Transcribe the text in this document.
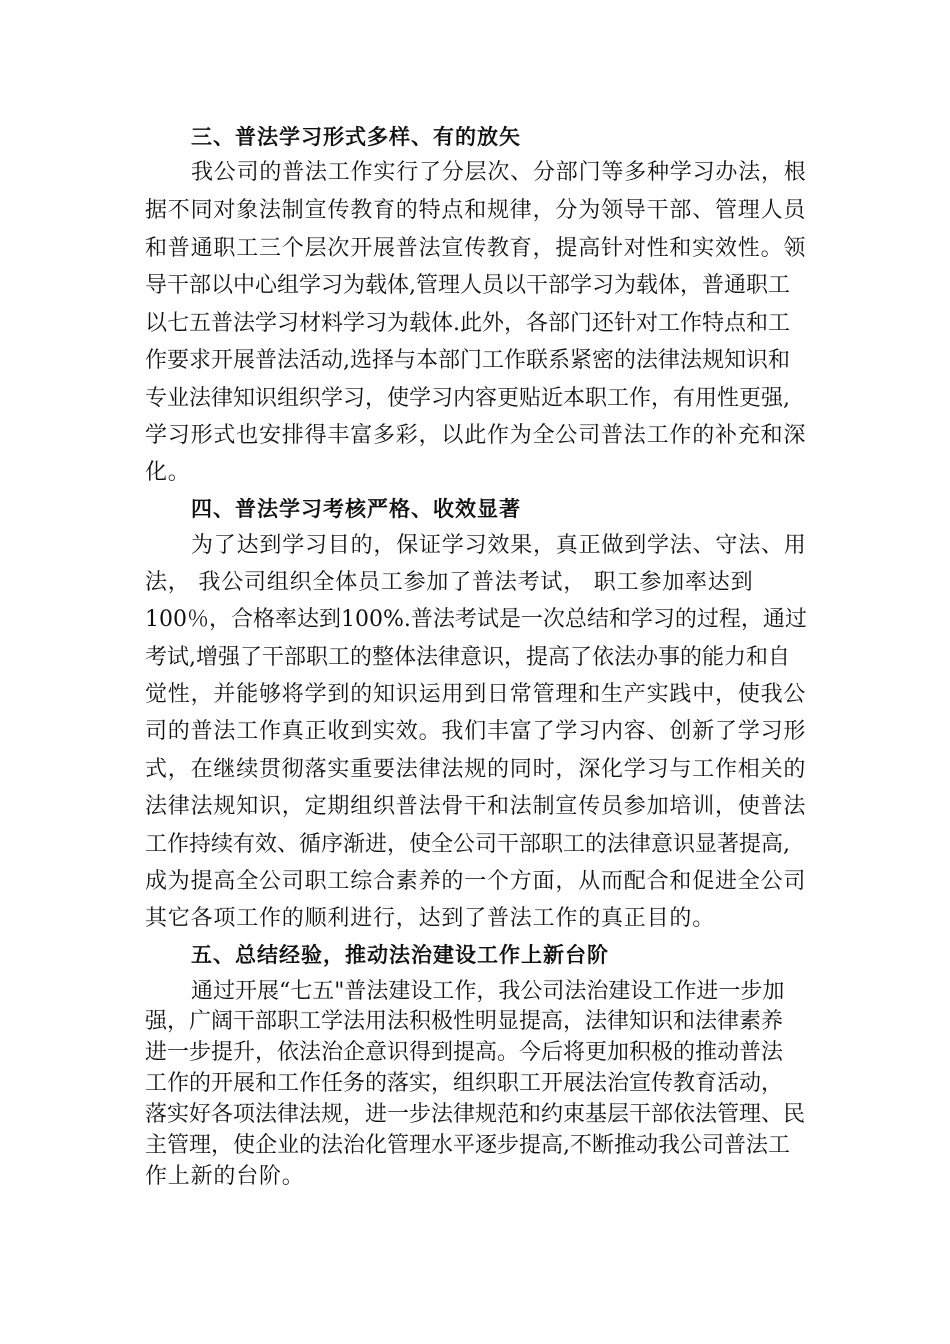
三、普法学习形式多样、有的放矢
我公司的普法工作实行了分层次、分部门等多种学习办法，根
据不同对象法制宣传教育的特点和规律，分为领导干部、管理人员
和普通职工三个层次开展普法宣传教育，提高针对性和实效性。领
导干部以中心组学习为载体,管理人员以干部学习为载体，普通职工
以七五普法学习材料学习为载体.此外，各部门还针对工作特点和工
作要求开展普法活动,选择与本部门工作联系紧密的法律法规知识和
专业法律知识组织学习，使学习内容更贴近本职工作，有用性更强,
学习形式也安排得丰富多彩，以此作为全公司普法工作的补充和深
化。
四、普法学习考核严格、收效显著
为了达到学习目的，保证学习效果，真正做到学法、守法、用
法， 我公司组织全体员工参加了普法考试， 职工参加率达到
100％，合格率达到100%.普法考试是一次总结和学习的过程，通过
考试,增强了干部职工的整体法律意识，提高了依法办事的能力和自
觉性，并能够将学到的知识运用到日常管理和生产实践中，使我公
司的普法工作真正收到实效。我们丰富了学习内容、创新了学习形
式，在继续贯彻落实重要法律法规的同时，深化学习与工作相关的
法律法规知识，定期组织普法骨干和法制宣传员参加培训，使普法
工作持续有效、循序渐进，使全公司干部职工的法律意识显著提高,
成为提高全公司职工综合素养的一个方面，从而配合和促进全公司
其它各项工作的顺利进行，达到了普法工作的真正目的。
五、总结经验，推动法治建设工作上新台阶
通过开展“七五"普法建设工作，我公司法治建设工作进一步加
强，广阔干部职工学法用法积极性明显提高，法律知识和法律素养
进一步提升，依法治企意识得到提高。今后将更加积极的推动普法
工作的开展和工作任务的落实，组织职工开展法治宣传教育活动，
落实好各项法律法规，进一步法律规范和约束基层干部依法管理、民
主管理，使企业的法治化管理水平逐步提高,不断推动我公司普法工
作上新的台阶。
